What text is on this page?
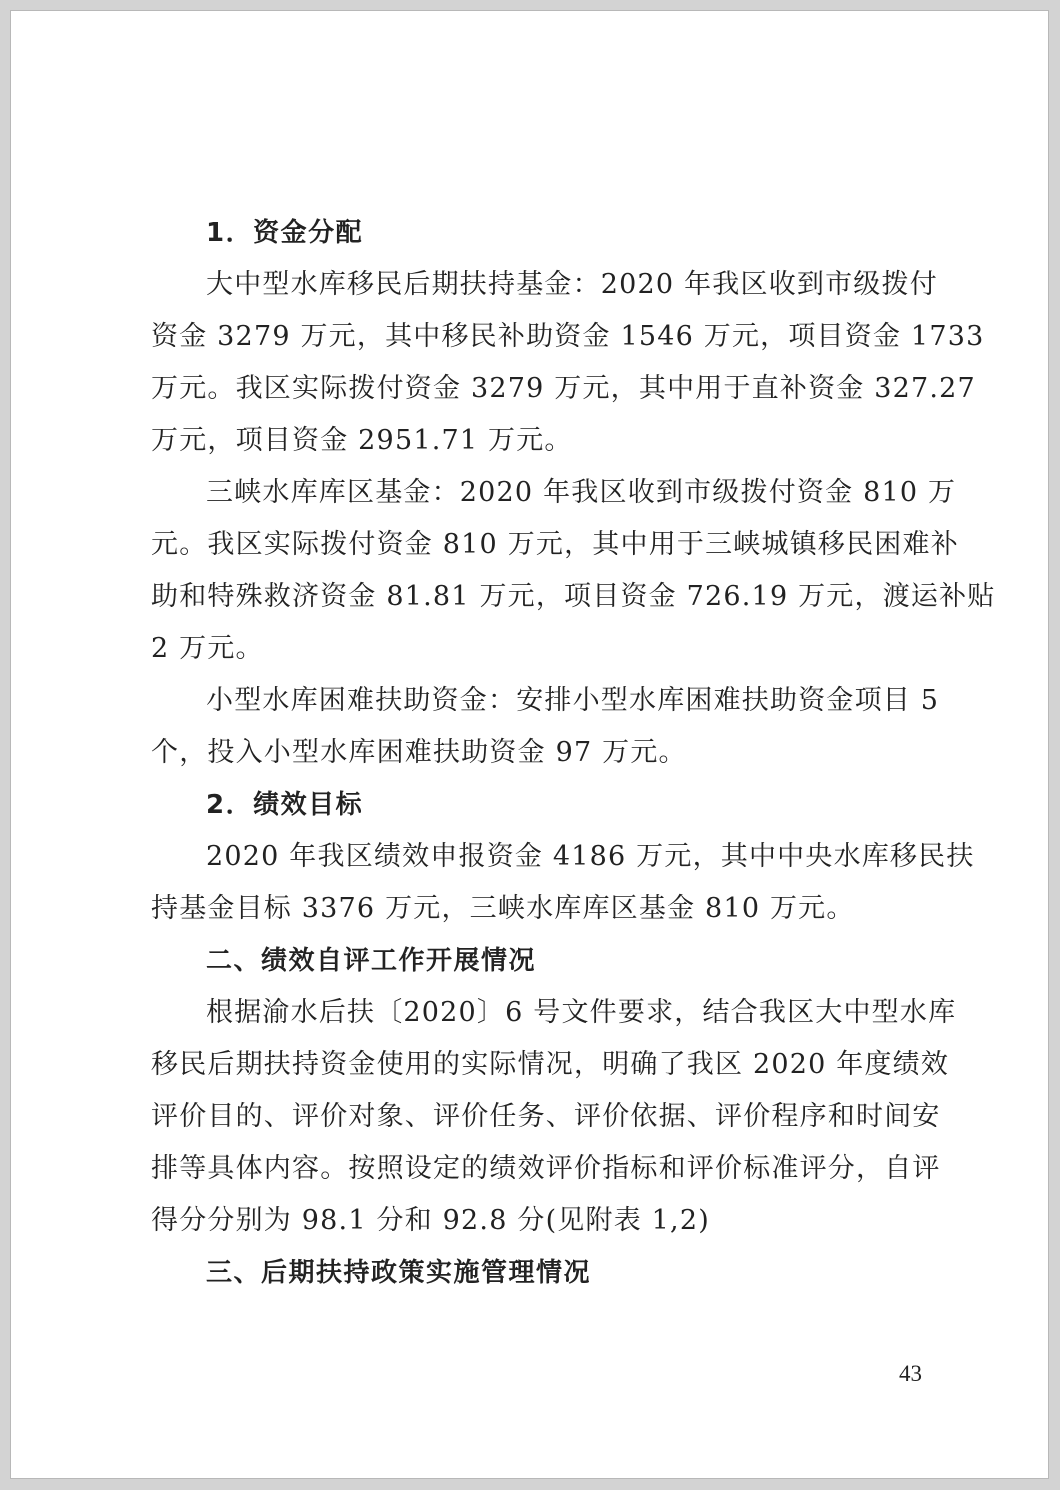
1．资金分配
大中型水库移民后期扶持基金：2020 年我区收到市级拨付
资金 3279 万元，其中移民补助资金 1546 万元，项目资金 1733
万元。我区实际拨付资金 3279 万元，其中用于直补资金 327.27
万元，项目资金 2951.71 万元。
三峡水库库区基金：2020 年我区收到市级拨付资金 810 万
元。我区实际拨付资金 810 万元，其中用于三峡城镇移民困难补
助和特殊救济资金 81.81 万元，项目资金 726.19 万元，渡运补贴
2 万元。
小型水库困难扶助资金：安排小型水库困难扶助资金项目 5
个，投入小型水库困难扶助资金 97 万元。
2．绩效目标
2020 年我区绩效申报资金 4186 万元，其中中央水库移民扶
持基金目标 3376 万元，三峡水库库区基金 810 万元。
二、绩效自评工作开展情况
根据渝水后扶〔2020〕6 号文件要求，结合我区大中型水库
移民后期扶持资金使用的实际情况，明确了我区 2020 年度绩效
评价目的、评价对象、评价任务、评价依据、评价程序和时间安
排等具体内容。按照设定的绩效评价指标和评价标准评分，自评
得分分别为 98.1 分和 92.8 分(见附表 1,2)
三、后期扶持政策实施管理情况
43
